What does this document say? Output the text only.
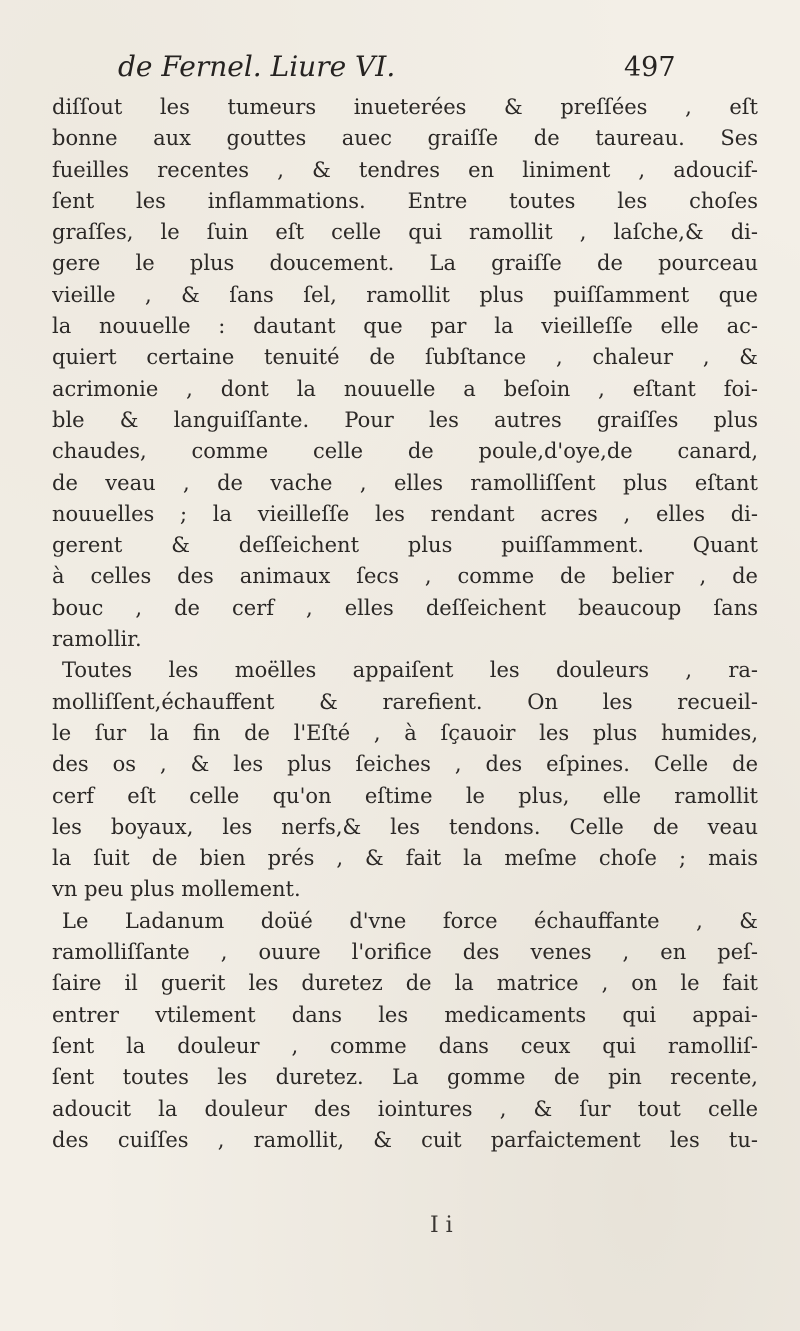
de Fernel. Liure VI.	497
diſſout les tumeurs inueterées & preſſées , eſt
bonne aux gouttes auec graiſſe de taureau. Ses
fueilles recentes , & tendres en liniment , adoucif-
ſent les inflammations. Entre toutes les choſes
graſſes, le ſuin eſt celle qui ramollit , laſche,& di-
gere le plus doucement. La graiſſe de pourceau
vieille , & ſans ſel, ramollit plus puiſſamment que
la nouuelle : dautant que par la vieilleſſe elle ac-
quiert certaine tenuité de ſubſtance , chaleur , &
acrimonie , dont la nouuelle a beſoin , eſtant foi-
ble & languiſſante. Pour les autres graiſſes plus
chaudes, comme celle de poule,d'oye,de canard,
de veau , de vache , elles ramolliſſent plus eſtant
nouuelles ; la vieilleſſe les rendant acres , elles di-
gerent & deſſeichent plus puiſſamment. Quant
à celles des animaux ſecs , comme de belier , de
bouc , de cerf , elles deſſeichent beaucoup ſans
ramollir.
Toutes les moëlles appaiſent les douleurs , ra-
molliſſent,échauffent & rarefient. On les recueil-
le ſur la fin de l'Eſté , à ſçauoir les plus humides,
des os , & les plus ſeiches , des eſpines. Celle de
cerf eſt celle qu'on eſtime le plus, elle ramollit
les boyaux, les nerfs,& les tendons. Celle de veau
la ſuit de bien prés , & fait la meſme choſe ; mais
vn peu plus mollement.
Le Ladanum doüé d'vne force échauffante , &
ramolliſſante , ouure l'orifice des venes , en peſ-
ſaire il guerit les duretez de la matrice , on le fait
entrer vtilement dans les medicaments qui appai-
ſent la douleur , comme dans ceux qui ramolliſ-
ſent toutes les duretez. La gomme de pin recente,
adoucit la douleur des iointures , & ſur tout celle
des cuiſſes , ramollit, & cuit parfaictement les tu-
I i
